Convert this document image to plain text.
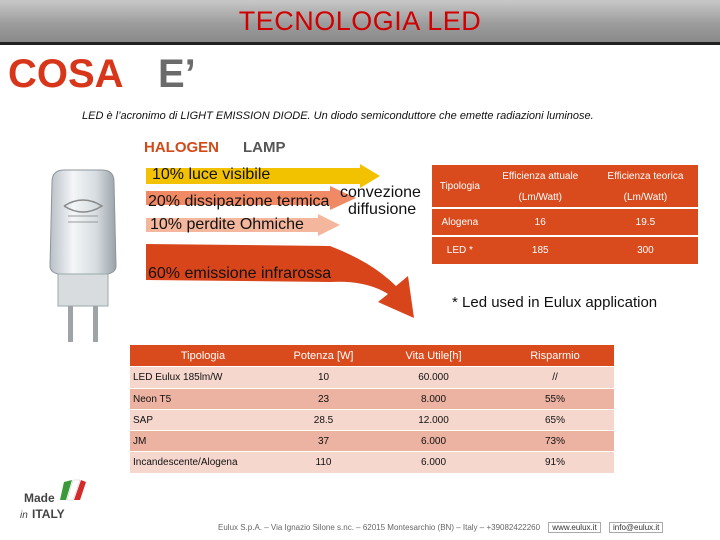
TECNOLOGIA LED
COSA E’
LED è l’acronimo di LIGHT EMISSION DIODE. Un diodo semiconduttore che emette radiazioni luminose.
HALOGEN LAMP
10% luce visibile
20% dissipazione termica
convezione
diffusione
10% perdite Ohmiche
60% emissione infrarossa
Tipologia	Efficienza attuale	Efficienza teorica
	(Lm/Watt)	(Lm/Watt)
Alogena	16	19.5
LED *	185	300
* Led used in Eulux application
Tipologia	Potenza [W]	Vita Utile[h]	Risparmio
LED Eulux 185lm/W	10	60.000	//
Neon T5	23	8.000	55%
SAP	28.5	12.000	65%
JM	37	6.000	73%
Incandescente/Alogena	110	6.000	91%
Made
in ITALY
Eulux S.p.A. – Via Ignazio Silone s.nc. – 62015 Montesarchio (BN) – Italy – +39082422260 www.eulux.it info@eulux.it
